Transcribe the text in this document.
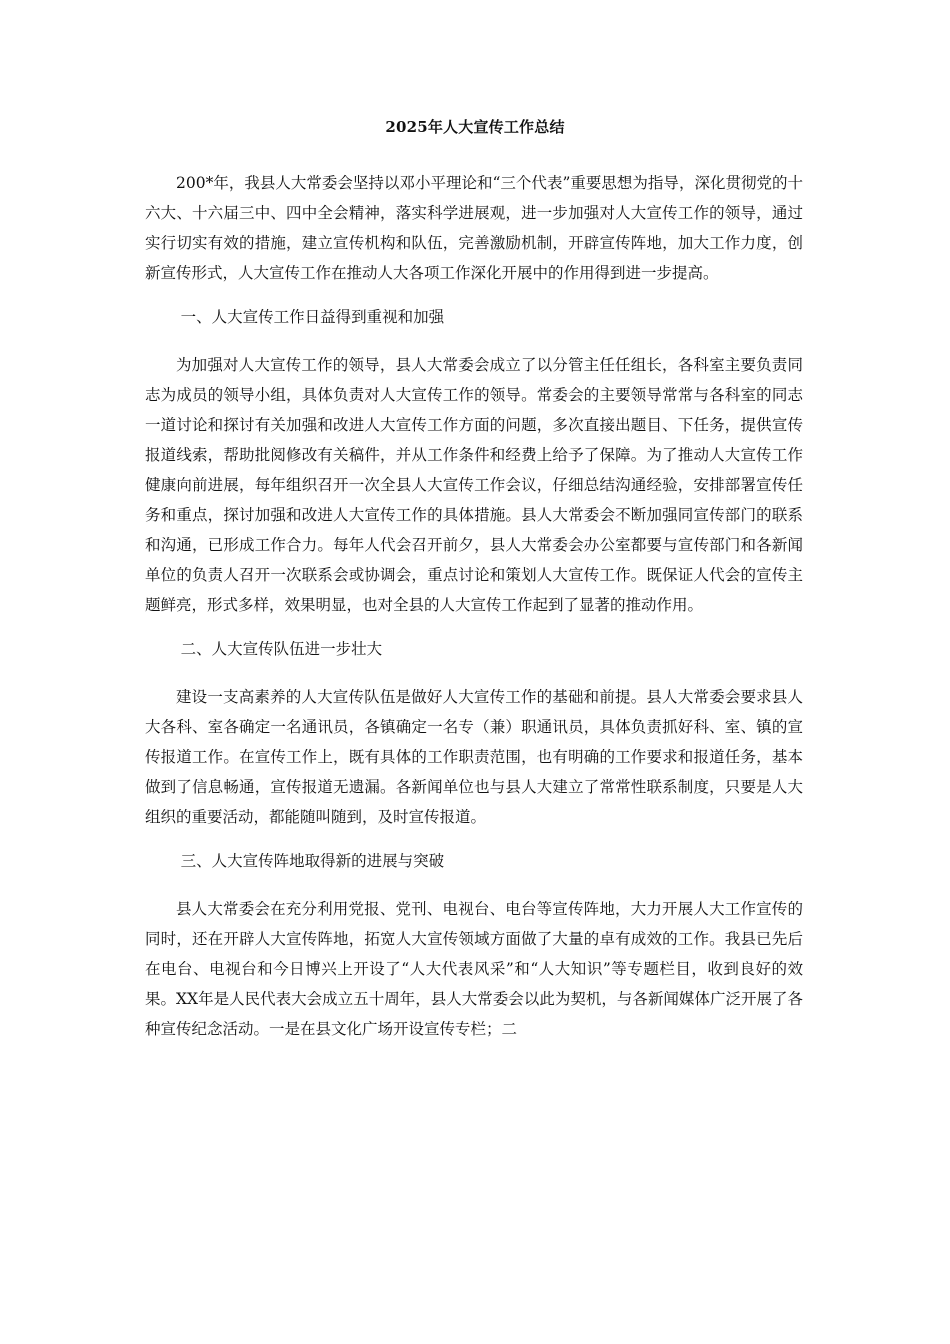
2025年人大宣传工作总结

200*年，我县人大常委会坚持以邓小平理论和“三个代表”重要思想为指导，深化贯彻党的十六大、十六届三中、四中全会精神，落实科学进展观，进一步加强对人大宣传工作的领导，通过实行切实有效的措施，建立宣传机构和队伍，完善激励机制，开辟宣传阵地，加大工作力度，创新宣传形式，人大宣传工作在推动人大各项工作深化开展中的作用得到进一步提高。

一、人大宣传工作日益得到重视和加强

为加强对人大宣传工作的领导，县人大常委会成立了以分管主任任组长，各科室主要负责同志为成员的领导小组，具体负责对人大宣传工作的领导。常委会的主要领导常常与各科室的同志一道讨论和探讨有关加强和改进人大宣传工作方面的问题，多次直接出题目、下任务，提供宣传报道线索，帮助批阅修改有关稿件，并从工作条件和经费上给予了保障。为了推动人大宣传工作健康向前进展，每年组织召开一次全县人大宣传工作会议，仔细总结沟通经验，安排部署宣传任务和重点，探讨加强和改进人大宣传工作的具体措施。县人大常委会不断加强同宣传部门的联系和沟通，已形成工作合力。每年人代会召开前夕，县人大常委会办公室都要与宣传部门和各新闻单位的负责人召开一次联系会或协调会，重点讨论和策划人大宣传工作。既保证人代会的宣传主题鲜亮，形式多样，效果明显，也对全县的人大宣传工作起到了显著的推动作用。

二、人大宣传队伍进一步壮大

建设一支高素养的人大宣传队伍是做好人大宣传工作的基础和前提。县人大常委会要求县人大各科、室各确定一名通讯员，各镇确定一名专（兼）职通讯员，具体负责抓好科、室、镇的宣传报道工作。在宣传工作上，既有具体的工作职责范围，也有明确的工作要求和报道任务，基本做到了信息畅通，宣传报道无遗漏。各新闻单位也与县人大建立了常常性联系制度，只要是人大组织的重要活动，都能随叫随到，及时宣传报道。

三、人大宣传阵地取得新的进展与突破

县人大常委会在充分利用党报、党刊、电视台、电台等宣传阵地，大力开展人大工作宣传的同时，还在开辟人大宣传阵地，拓宽人大宣传领域方面做了大量的卓有成效的工作。我县已先后在电台、电视台和今日博兴上开设了“人大代表风采”和“人大知识”等专题栏目，收到良好的效果。XX年是人民代表大会成立五十周年，县人大常委会以此为契机，与各新闻媒体广泛开展了各种宣传纪念活动。一是在县文化广场开设宣传专栏；二
